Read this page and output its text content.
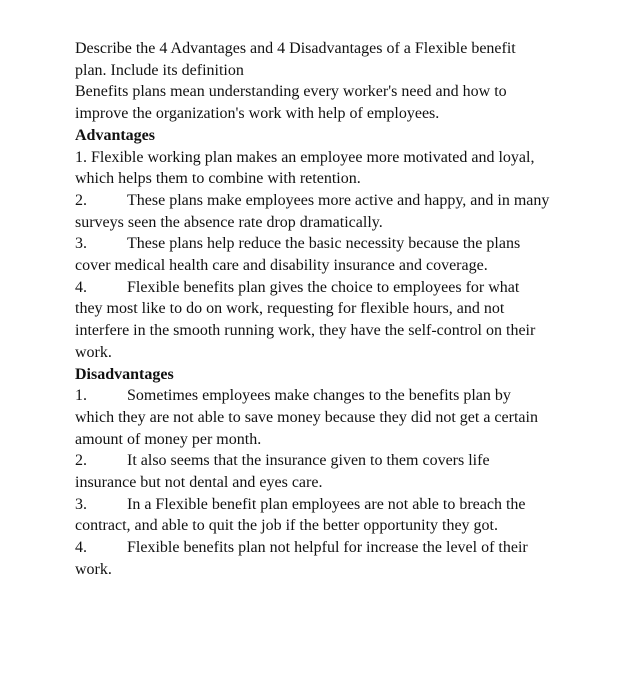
Describe the 4 Advantages and 4 Disadvantages of a Flexible benefit plan. Include its definition

Benefits plans mean understanding every worker's need and how to improve the organization's work with help of employees.

Advantages

1. Flexible working plan makes an employee more motivated and loyal, which helps them to combine with retention.

2.	These plans make employees more active and happy, and in many surveys seen the absence rate drop dramatically.

3.	These plans help reduce the basic necessity because the plans cover medical health care and disability insurance and coverage.

4.	Flexible benefits plan gives the choice to employees for what they most like to do on work, requesting for flexible hours, and not interfere in the smooth running work, they have the self-control on their work.

Disadvantages

1.	Sometimes employees make changes to the benefits plan by which they are not able to save money because they did not get a certain amount of money per month.

2.	It also seems that the insurance given to them covers life insurance but not dental and eyes care.

3.	In a Flexible benefit plan employees are not able to breach the contract, and able to quit the job if the better opportunity they got.

4.	Flexible benefits plan not helpful for increase the level of their work.
